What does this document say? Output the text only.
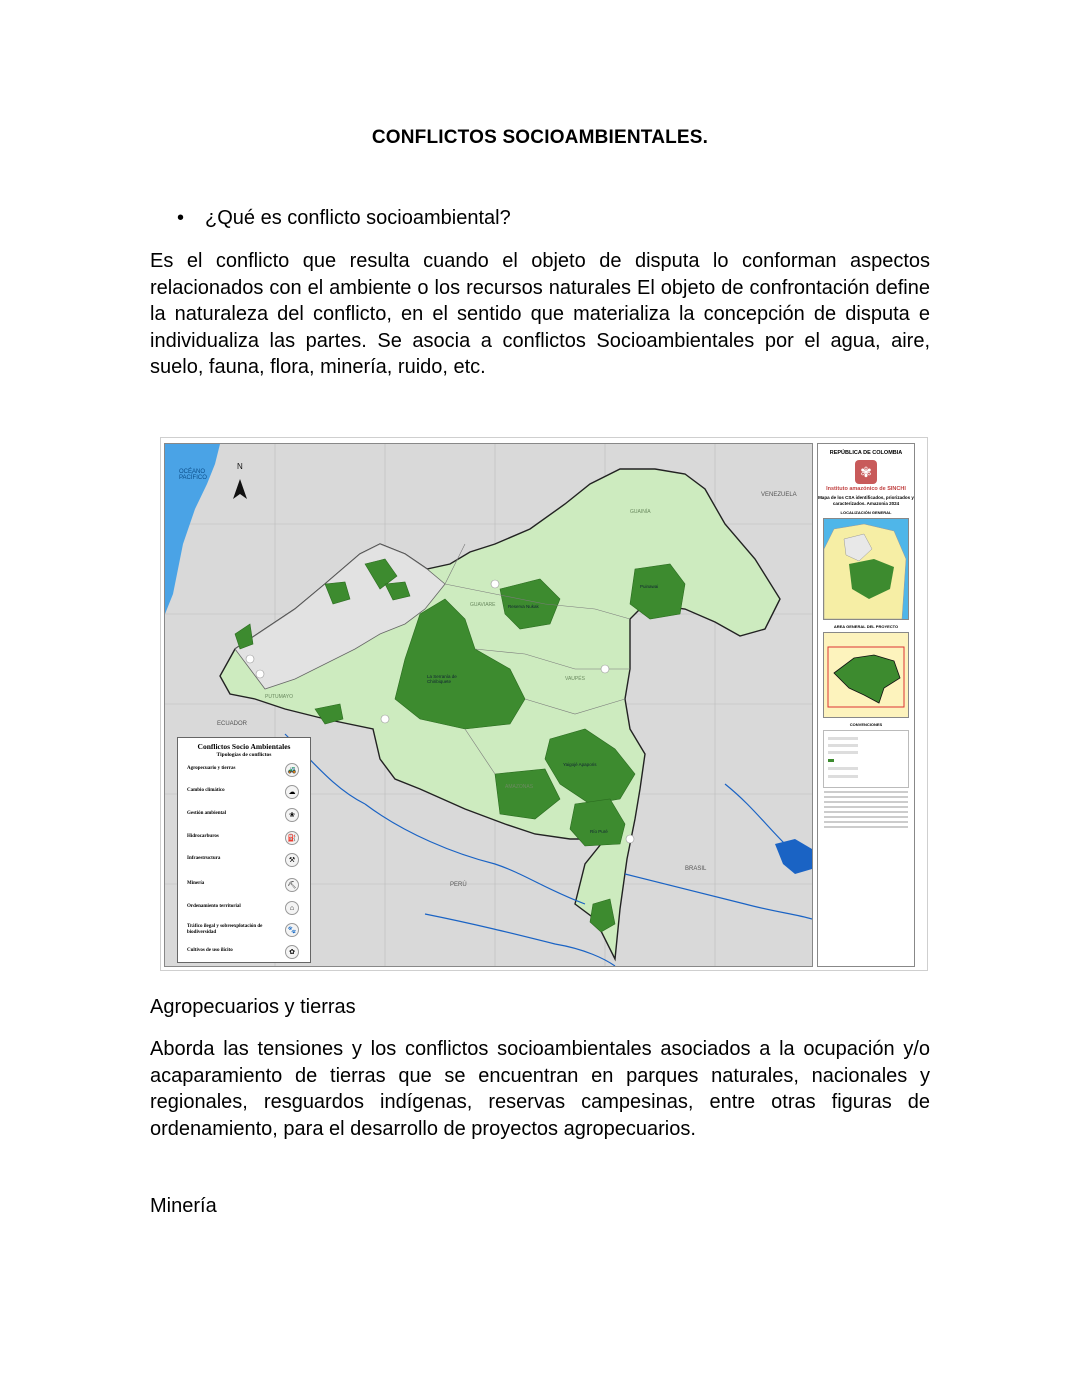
CONFLICTOS SOCIOAMBIENTALES.
• ¿Qué es conflicto socioambiental?
Es el conflicto que resulta cuando el objeto de disputa lo conforman aspectos relacionados con el ambiente o los recursos naturales El objeto de confrontación define la naturaleza del conflicto, en el sentido que materializa la concepción de disputa e individualiza las partes. Se asocia a conflictos Socioambientales por el agua, aire, suelo, fauna, flora, minería, ruido, etc.
OCÉANO PACÍFICO
N
VENEZUELA
ECUADOR
PERÚ
BRASIL
GUAINÍA
VAUPÉS
AMAZONAS
GUAVIARE
PUTUMAYO
La Serranía de Chiribiquete
Puinawai
Reserva Nukak
Yaigojé Apaporis
Río Puré
Conflictos Socio Ambientales
Tipologías de conflictos
Agropecuario y tierras	🚜
Cambio climático	☁
Gestión ambiental	❀
Hidrocarburos	⛽
Infraestructura	⚒
Minería	⛏
Ordenamiento territorial	⌂
Tráfico ilegal y sobreexplotación de biodiversidad	🐾
Cultivos de uso ilícito	✿
REPÚBLICA DE COLOMBIA
✾
Instituto amazónico de SINCHI
Mapa de los CSA identificados, priorizados y caracterizados. Amazonia 2024
LOCALIZACIÓN GENERAL
AREA GENERAL DEL PROYECTO
CONVENCIONES
Agropecuarios y tierras
Aborda las tensiones y los conflictos socioambientales asociados a la ocupación y/o acaparamiento de tierras que se encuentran en parques naturales, nacionales y regionales, resguardos indígenas, reservas campesinas, entre otras figuras de ordenamiento, para el desarrollo de proyectos agropecuarios.
Minería
